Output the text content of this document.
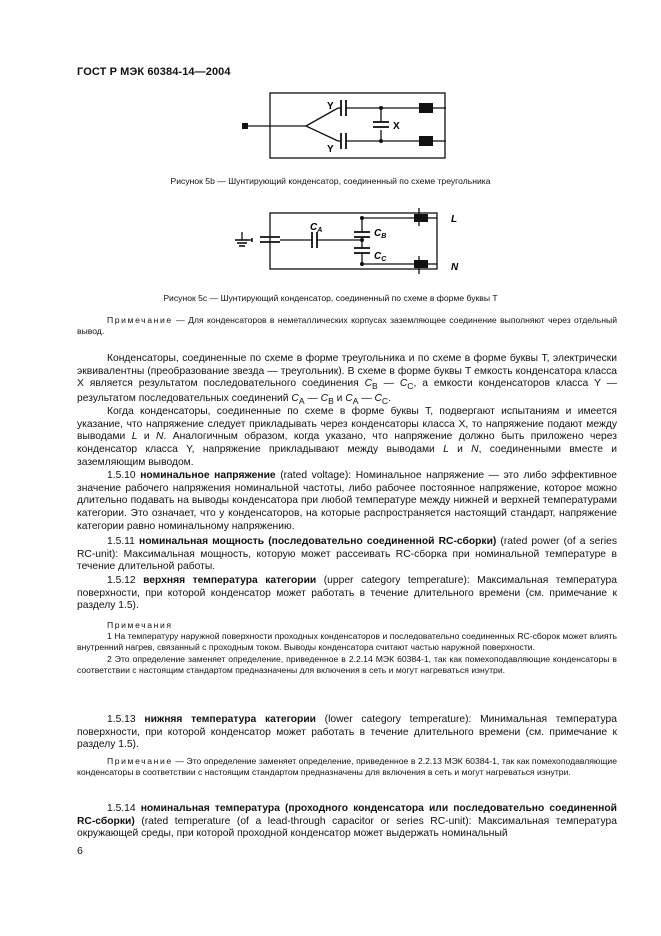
ГОСТ Р МЭК 60384-14—2004
Y
Y
X
Рисунок 5b — Шунтирующий конденсатор, соединенный по схеме треугольника
$C_A$	$C_B$
$C_C$
L
N
Рисунок 5c — Шунтирующий конденсатор, соединенный по схеме в форме буквы T

Примечание — Для конденсаторов в неметаллических корпусах заземляющее соединение выполняют через отдельный вывод.

Конденсаторы, соединенные по схеме в форме треугольника и по схеме в форме буквы T, электрически эквивалентны (преобразование звезда — треугольник). В схеме в форме буквы T емкость конденсатора класса X является результатом последовательного соединения $C_B$ — $C_C$, а емкости конденсаторов класса Y — результатом последовательных соединений $C_A$ — $C_B$ и $C_A$ — $C_C$.

Когда конденсаторы, соединенные по схеме в форме буквы T, подвергают испытаниям и имеется указание, что напряжение следует прикладывать через конденсаторы класса X, то напряжение подают между выводами L и N. Аналогичным образом, когда указано, что напряжение должно быть приложено через конденсатор класса Y, напряжение прикладывают между выводами L и N, соединенными вместе и заземляющим выводом.

1.5.10 номинальное напряжение (rated voltage): Номинальное напряжение — это либо эффективное значение рабочего напряжения номинальной частоты, либо рабочее постоянное напряжение, которое можно длительно подавать на выводы конденсатора при любой температуре между нижней и верхней температурами категории. Это означает, что у конденсаторов, на которые распространяется настоящий стандарт, напряжение категории равно номинальному напряжению.

1.5.11 номинальная мощность (последовательно соединенной RC-сборки) (rated power (of a series RC-unit): Максимальная мощность, которую может рассеивать RC-сборка при номинальной температуре в течение длительной работы.

1.5.12 верхняя температура категории (upper category temperature): Максимальная температура поверхности, при которой конденсатор может работать в течение длительного времени (см. примечание к разделу 1.5).

Примечания

1 На температуру наружной поверхности проходных конденсаторов и последовательно соединенных RC-сборок может влиять внутренний нагрев, связанный с проходным током. Выводы конденсатора считают частью наружной поверхности.

2 Это определение заменяет определение, приведенное в 2.2.14 МЭК 60384-1, так как помехоподавляющие конденсаторы в соответствии с настоящим стандартом предназначены для включения в сеть и могут нагреваться изнутри.

1.5.13 нижняя температура категории (lower category temperature): Минимальная температура поверхности, при которой конденсатор может работать в течение длительного времени (см. примечание к разделу 1.5).

Примечание — Это определение заменяет определение, приведенное в 2.2.13 МЭК 60384-1, так как помехоподавляющие конденсаторы в соответствии с настоящим стандартом предназначены для включения в сеть и могут нагреваться изнутри.

1.5.14 номинальная температура (проходного конденсатора или последовательно соединенной RC-сборки) (rated temperature (of a lead-through capacitor or series RC-unit): Максимальная температура окружающей среды, при которой проходной конденсатор может выдержать номинальный

6
